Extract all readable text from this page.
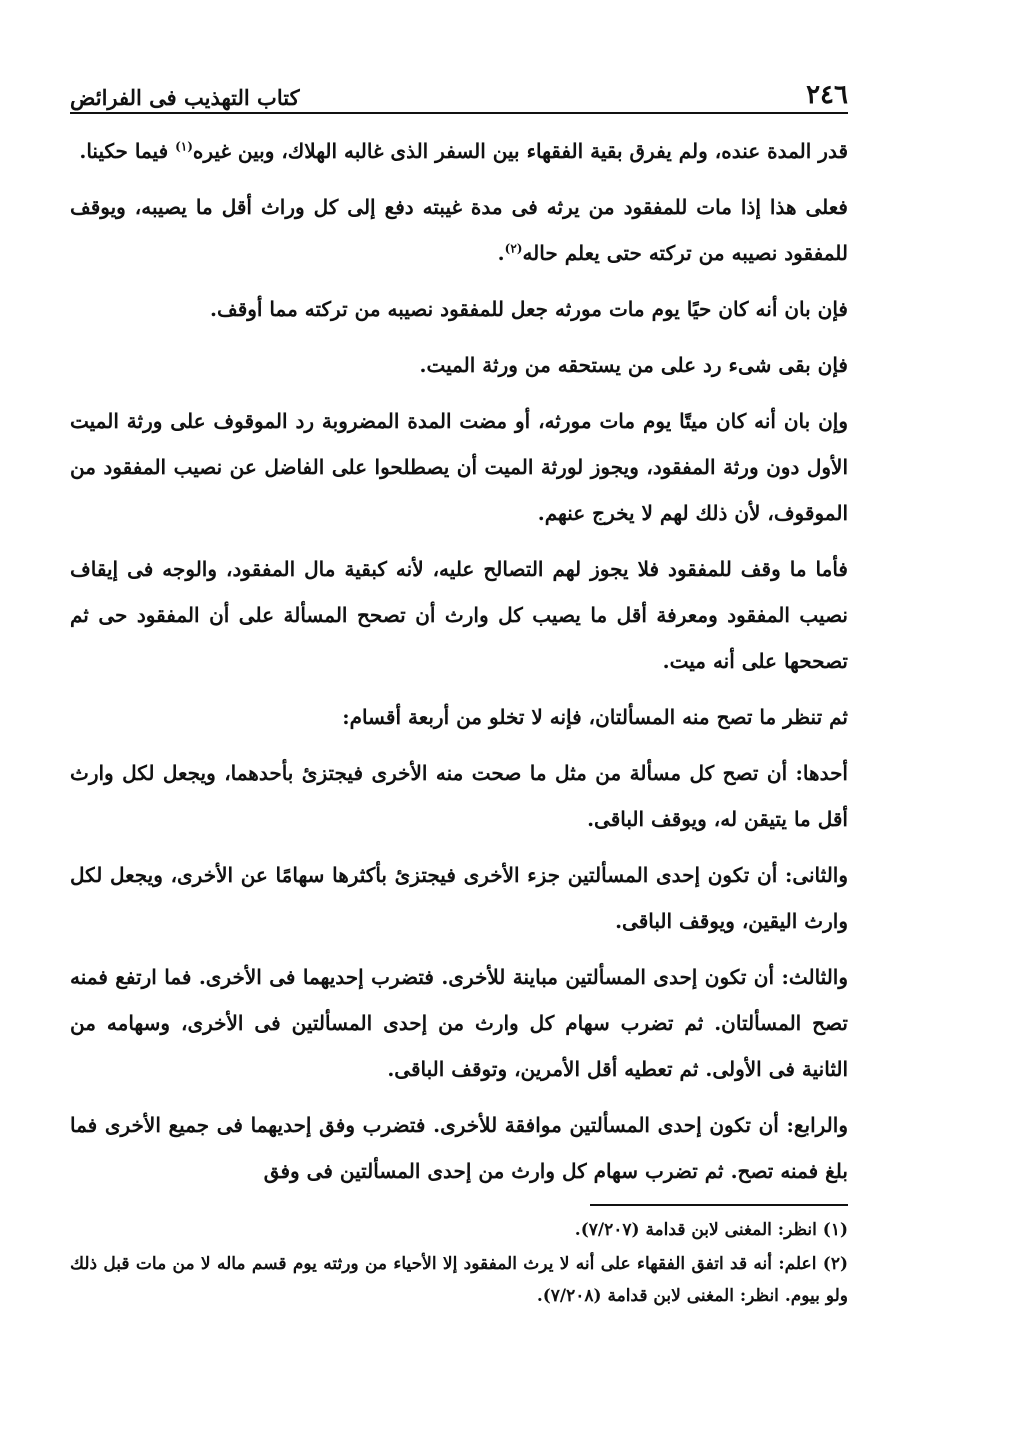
٢٤٦
كتاب التهذيب فى الفرائض

قدر المدة عنده، ولم يفرق بقية الفقهاء بين السفر الذى غالبه الهلاك، وبين غيره$^{(١)}$ فيما حكينا.

فعلى هذا إذا مات للمفقود من يرثه فى مدة غيبته دفع إلى كل وراث أقل ما يصيبه، ويوقف للمفقود نصيبه من تركته حتى يعلم حاله$^{(٢)}$.

فإن بان أنه كان حيًا يوم مات مورثه جعل للمفقود نصيبه من تركته مما أوقف.

فإن بقى شىء رد على من يستحقه من ورثة الميت.

وإن بان أنه كان ميتًا يوم مات مورثه، أو مضت المدة المضروبة رد الموقوف على ورثة الميت الأول دون ورثة المفقود، ويجوز لورثة الميت أن يصطلحوا على الفاضل عن نصيب المفقود من الموقوف، لأن ذلك لهم لا يخرج عنهم.

فأما ما وقف للمفقود فلا يجوز لهم التصالح عليه، لأنه كبقية مال المفقود، والوجه فى إيقاف نصيب المفقود ومعرفة أقل ما يصيب كل وارث أن تصحح المسألة على أن المفقود حى ثم تصححها على أنه ميت.

ثم تنظر ما تصح منه المسألتان، فإنه لا تخلو من أربعة أقسام:

أحدها: أن تصح كل مسألة من مثل ما صحت منه الأخرى فيجتزئ بأحدهما، ويجعل لكل وارث أقل ما يتيقن له، ويوقف الباقى.

والثانى: أن تكون إحدى المسألتين جزء الأخرى فيجتزئ بأكثرها سهامًا عن الأخرى، ويجعل لكل وارث اليقين، ويوقف الباقى.

والثالث: أن تكون إحدى المسألتين مباينة للأخرى. فتضرب إحديهما فى الأخرى. فما ارتفع فمنه تصح المسألتان. ثم تضرب سهام كل وارث من إحدى المسألتين فى الأخرى، وسهامه من الثانية فى الأولى. ثم تعطيه أقل الأمرين، وتوقف الباقى.

والرابع: أن تكون إحدى المسألتين موافقة للأخرى. فتضرب وفق إحديهما فى جميع الأخرى فما بلغ فمنه تصح. ثم تضرب سهام كل وارث من إحدى المسألتين فى وفق

(١) انظر: المغنى لابن قدامة (٧/٢٠٧).

(٢) اعلم: أنه قد اتفق الفقهاء على أنه لا يرث المفقود إلا الأحياء من ورثته يوم قسم ماله لا من مات قبل ذلك ولو بيوم. انظر: المغنى لابن قدامة (٧/٢٠٨).
